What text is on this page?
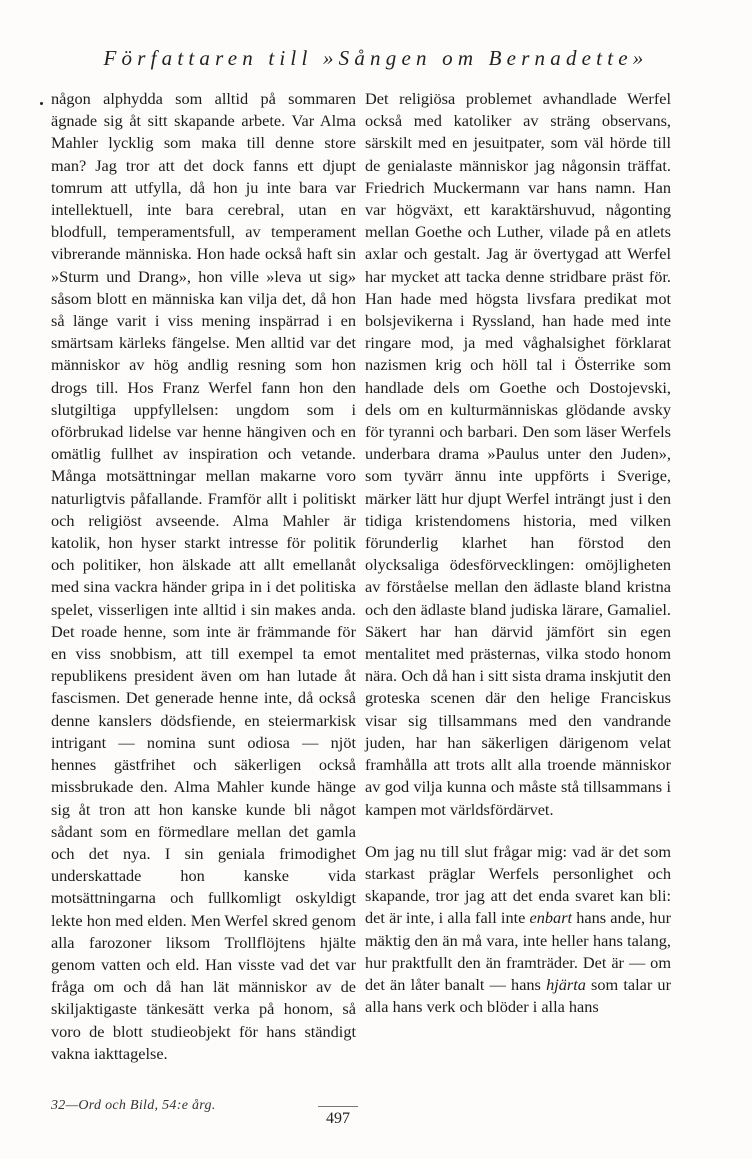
Författaren till »Sången om Bernadette»

någon alphydda som alltid på sommaren ägnade sig åt sitt skapande arbete. Var Alma Mahler lycklig som maka till denne store man? Jag tror att det dock fanns ett djupt tomrum att utfylla, då hon ju inte bara var intellektuell, inte bara cerebral, utan en blodfull, temperamentsfull, av temperament vibrerande människa. Hon hade också haft sin »Sturm und Drang», hon ville »leva ut sig» såsom blott en människa kan vilja det, då hon så länge varit i viss mening inspärrad i en smärtsam kärleks fängelse. Men alltid var det människor av hög andlig resning som hon drogs till. Hos Franz Werfel fann hon den slutgiltiga uppfyllelsen: ungdom som i oförbrukad lidelse var henne hängiven och en omätlig fullhet av inspiration och vetande. Många motsättningar mellan makarne voro naturligtvis påfallande. Framför allt i politiskt och religiöst avseende. Alma Mahler är katolik, hon hyser starkt intresse för politik och politiker, hon älskade att allt emellanåt med sina vackra händer gripa in i det politiska spelet, visserligen inte alltid i sin makes anda. Det roade henne, som inte är främmande för en viss snobbism, att till exempel ta emot republikens president även om han lutade åt fascismen. Det generade henne inte, då också denne kanslers dödsfiende, en steiermarkisk intrigant — nomina sunt odiosa — njöt hennes gästfrihet och säkerligen också missbrukade den. Alma Mahler kunde hänge sig åt tron att hon kanske kunde bli något sådant som en förmedlare mellan det gamla och det nya. I sin geniala frimodighet underskattade hon kanske vida motsättningarna och fullkomligt oskyldigt lekte hon med elden. Men Werfel skred genom alla farozoner liksom Trollflöjtens hjälte genom vatten och eld. Han visste vad det var fråga om och då han lät människor av de skiljaktigaste tänkesätt verka på honom, så voro de blott studieobjekt för hans ständigt vakna iakttagelse.

Det religiösa problemet avhandlade Werfel också med katoliker av sträng observans, särskilt med en jesuitpater, som väl hörde till de genialaste människor jag någonsin träffat. Friedrich Muckermann var hans namn. Han var högväxt, ett karaktärshuvud, någonting mellan Goethe och Luther, vilade på en atlets axlar och gestalt. Jag är övertygad att Werfel har mycket att tacka denne stridbare präst för. Han hade med högsta livsfara predikat mot bolsjevikerna i Ryssland, han hade med inte ringare mod, ja med våghalsighet förklarat nazismen krig och höll tal i Österrike som handlade dels om Goethe och Dostojevski, dels om en kulturmänniskas glödande avsky för tyranni och barbari. Den som läser Werfels underbara drama »Paulus unter den Juden», som tyvärr ännu inte uppförts i Sverige, märker lätt hur djupt Werfel inträngt just i den tidiga kristendomens historia, med vilken förunderlig klarhet han förstod den olycksaliga ödesförvecklingen: omöjligheten av förståelse mellan den ädlaste bland kristna och den ädlaste bland judiska lärare, Gamaliel. Säkert har han därvid jämfört sin egen mentalitet med prästernas, vilka stodo honom nära. Och då han i sitt sista drama inskjutit den groteska scenen där den helige Franciskus visar sig tillsammans med den vandrande juden, har han säkerligen därigenom velat framhålla att trots allt alla troende människor av god vilja kunna och måste stå tillsammans i kampen mot världsfördärvet.

Om jag nu till slut frågar mig: vad är det som starkast präglar Werfels personlighet och skapande, tror jag att det enda svaret kan bli: det är inte, i alla fall inte enbart hans ande, hur mäktig den än må vara, inte heller hans talang, hur praktfullt den än framträder. Det är — om det än låter banalt — hans hjärta som talar ur alla hans verk och blöder i alla hans

32—Ord och Bild, 54:e årg.
497
